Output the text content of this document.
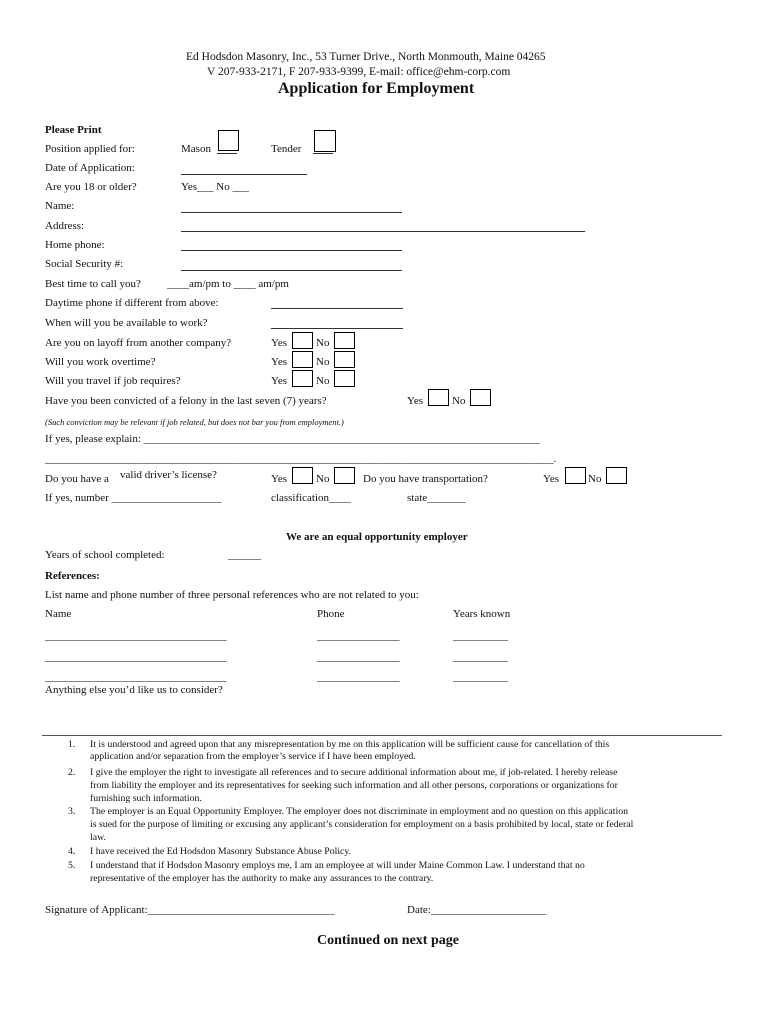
Ed Hodsdon Masonry, Inc., 53 Turner Drive., North Monmouth, Maine 04265
V 207-933-2171, F 207-933-9399, E-mail: office@ehm-corp.com
Application for Employment
Please Print
Position applied for:	Mason	Tender
Date of Application:
Are you 18 or older?	Yes___ No ___
Name:
Address:
Home phone:
Social Security #:
Best time to call you? ____am/pm to ____ am/pm
Daytime phone if different from above:
When will you be available to work?
Are you on layoff from another company?	Yes	No
Will you work overtime?	Yes	No
Will you travel if job requires?	Yes	No
Have you been convicted of a felony in the last seven (7) years?	Yes	No
(Such conviction may be relevant if job related, but does not bar you from employment.)
If yes, please explain: ________________________________________________________________________
________________________________________________________________________________________________.
Do you have a valid driver’s license?	Yes	No	Do you have transportation?	Yes	No
If yes, number ____________________	classification____	state_______
We are an equal opportunity employer
Years of school completed:	______
References:
List name and phone number of three personal references who are not related to you:
Name	Phone	Years known
_________________________________	_______________	__________
_________________________________	_______________	__________
_________________________________	_______________	__________
Anything else you’d like us to consider?
1. It is understood and agreed upon that any misrepresentation by me on this application will be sufficient cause for cancellation of this
application and/or separation from the employer’s service if I have been employed.
2. I give the employer the right to investigate all references and to secure additional information about me, if job-related. I hereby release
from liability the employer and its representatives for seeking such information and all other persons, corporations or organizations for
furnishing such information.
3. The employer is an Equal Opportunity Employer. The employer does not discriminate in employment and no question on this application
is sued for the purpose of limiting or excusing any applicant’s consideration for employment on a basis prohibited by local, state or federal
law.
4. I have received the Ed Hodsdon Masonry Substance Abuse Policy.
5. I understand that if Hodsdon Masonry employs me, I am an employee at will under Maine Common Law. I understand that no
representative of the employer has the authority to make any assurances to the contrary.
Signature of Applicant:__________________________________	Date:_____________________
Continued on next page
